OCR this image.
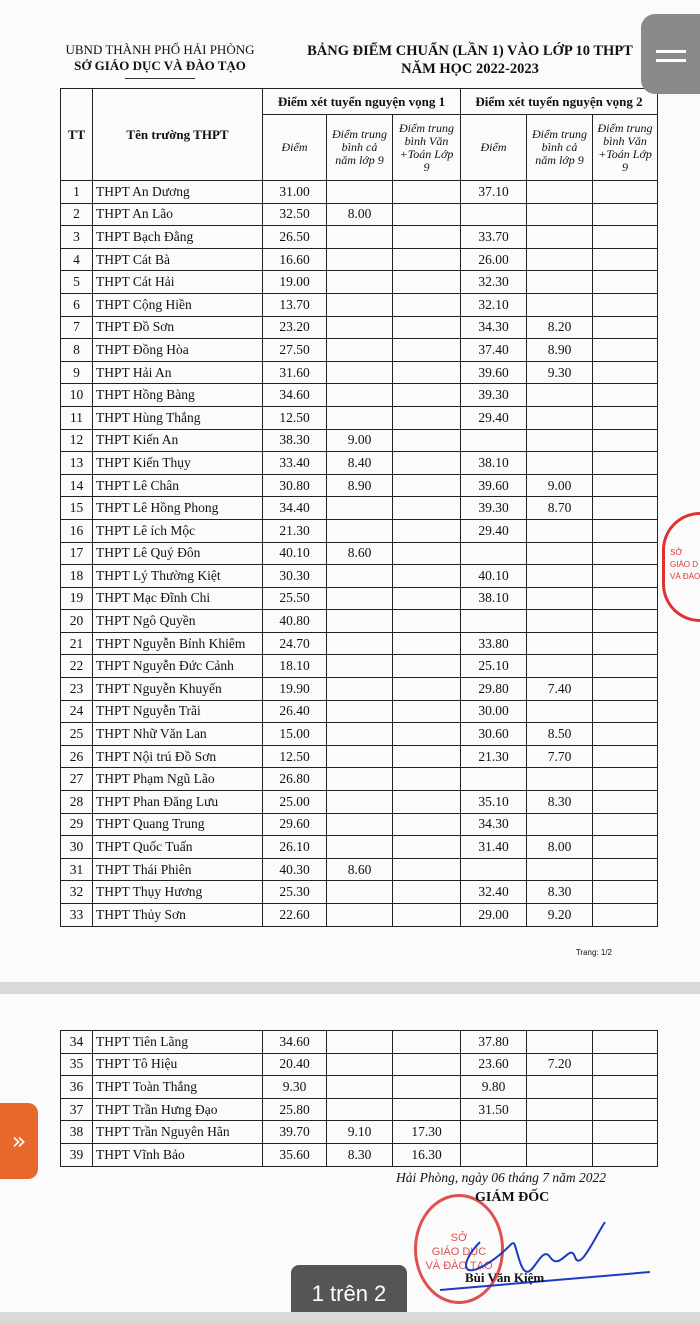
UBND THÀNH PHỐ HẢI PHÒNG
SỞ GIÁO DỤC VÀ ĐÀO TẠO
BẢNG ĐIỂM CHUẨN (LẦN 1) VÀO LỚP 10 THPT
NĂM HỌC 2022-2023
TT	Tên trường THPT	Điểm xét tuyển nguyện vọng 1			Điểm xét tuyển nguyện vọng 2		
		Điểm	Điểm trung bình cả năm lớp 9	Điểm trung bình Văn +Toán Lớp 9	Điểm	Điểm trung bình cả năm lớp 9	Điểm trung bình Văn +Toán Lớp 9
1	THPT An Dương	31.00			37.10		
2	THPT An Lão	32.50	8.00				
3	THPT Bạch Đằng	26.50			33.70		
4	THPT Cát Bà	16.60			26.00		
5	THPT Cát Hải	19.00			32.30		
6	THPT Cộng Hiền	13.70			32.10		
7	THPT Đồ Sơn	23.20			34.30	8.20	
8	THPT Đồng Hòa	27.50			37.40	8.90	
9	THPT Hải An	31.60			39.60	9.30	
10	THPT Hồng Bàng	34.60			39.30		
11	THPT Hùng Thắng	12.50			29.40		
12	THPT Kiến An	38.30	9.00				
13	THPT Kiến Thụy	33.40	8.40		38.10		
14	THPT Lê Chân	30.80	8.90		39.60	9.00	
15	THPT Lê Hồng Phong	34.40			39.30	8.70	
16	THPT Lê ích Mộc	21.30			29.40		
17	THPT Lê Quý Đôn	40.10	8.60				
18	THPT Lý Thường Kiệt	30.30			40.10		
19	THPT Mạc Đĩnh Chi	25.50			38.10		
20	THPT Ngô Quyền	40.80					
21	THPT Nguyễn Bỉnh Khiêm	24.70			33.80		
22	THPT Nguyễn Đức Cảnh	18.10			25.10		
23	THPT Nguyễn Khuyến	19.90			29.80	7.40	
24	THPT Nguyễn Trãi	26.40			30.00		
25	THPT Nhữ Văn Lan	15.00			30.60	8.50	
26	THPT Nội trú Đồ Sơn	12.50			21.30	7.70	
27	THPT Phạm Ngũ Lão	26.80					
28	THPT Phan Đăng Lưu	25.00			35.10	8.30	
29	THPT Quang Trung	29.60			34.30		
30	THPT Quốc Tuấn	26.10			31.40	8.00	
31	THPT Thái Phiên	40.30	8.60				
32	THPT Thụy Hương	25.30			32.40	8.30	
33	THPT Thủy Sơn	22.60			29.00	9.20	
Trang: 1/2
SỞ
GIÁO D
VÀ ĐÀO
34	THPT Tiên Lãng	34.60			37.80		
35	THPT Tô Hiệu	20.40			23.60	7.20	
36	THPT Toàn Thắng	9.30			9.80		
37	THPT Trần Hưng Đạo	25.80			31.50		
38	THPT Trần Nguyên Hãn	39.70	9.10	17.30			
39	THPT Vĩnh Bảo	35.60	8.30	16.30			
Hải Phòng, ngày 06 tháng 7 năm 2022
SỞ
GIÁO DỤC
VÀ ĐÀO TẠO
GIÁM ĐỐC
Bùi Văn Kiệm
»
1 trên 2
